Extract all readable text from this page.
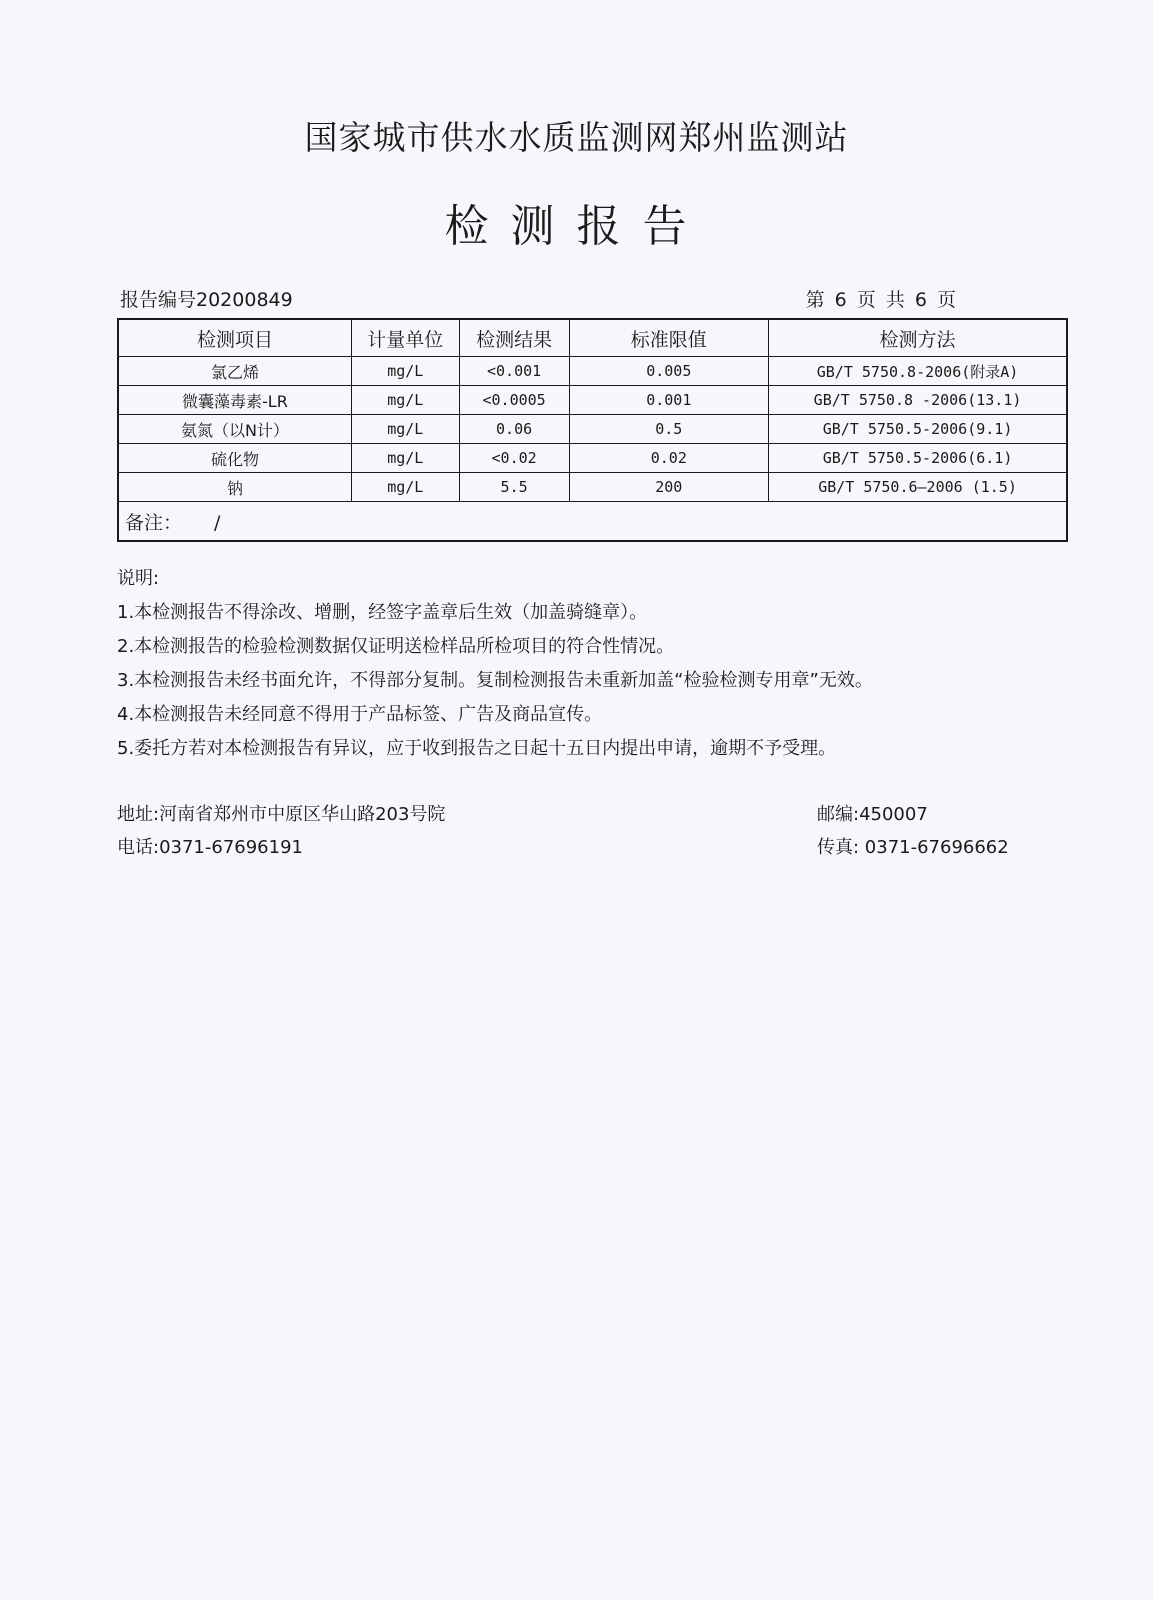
国家城市供水水质监测网郑州监测站
检测报告
报告编号20200849	第 6 页 共 6 页
检测项目	计量单位	检测结果	标准限值	检测方法
氯乙烯	mg/L	<0.001	0.005	GB/T 5750.8-2006(附录A)
微囊藻毒素-LR	mg/L	<0.0005	0.001	GB/T 5750.8 -2006(13.1)
氨氮（以N计）	mg/L	0.06	0.5	GB/T 5750.5-2006(9.1)
硫化物	mg/L	<0.02	0.02	GB/T 5750.5-2006(6.1)
钠	mg/L	5.5	200	GB/T 5750.6—2006 (1.5)
备注： /				

说明:

1.本检测报告不得涂改、增删，经签字盖章后生效（加盖骑缝章）。

2.本检测报告的检验检测数据仅证明送检样品所检项目的符合性情况。

3.本检测报告未经书面允许，不得部分复制。复制检测报告未重新加盖“检验检测专用章”无效。

4.本检测报告未经同意不得用于产品标签、广告及商品宣传。

5.委托方若对本检测报告有异议，应于收到报告之日起十五日内提出申请，逾期不予受理。

地址:河南省郑州市中原区华山路203号院	邮编:450007
电话:0371-67696191	传真: 0371-67696662
